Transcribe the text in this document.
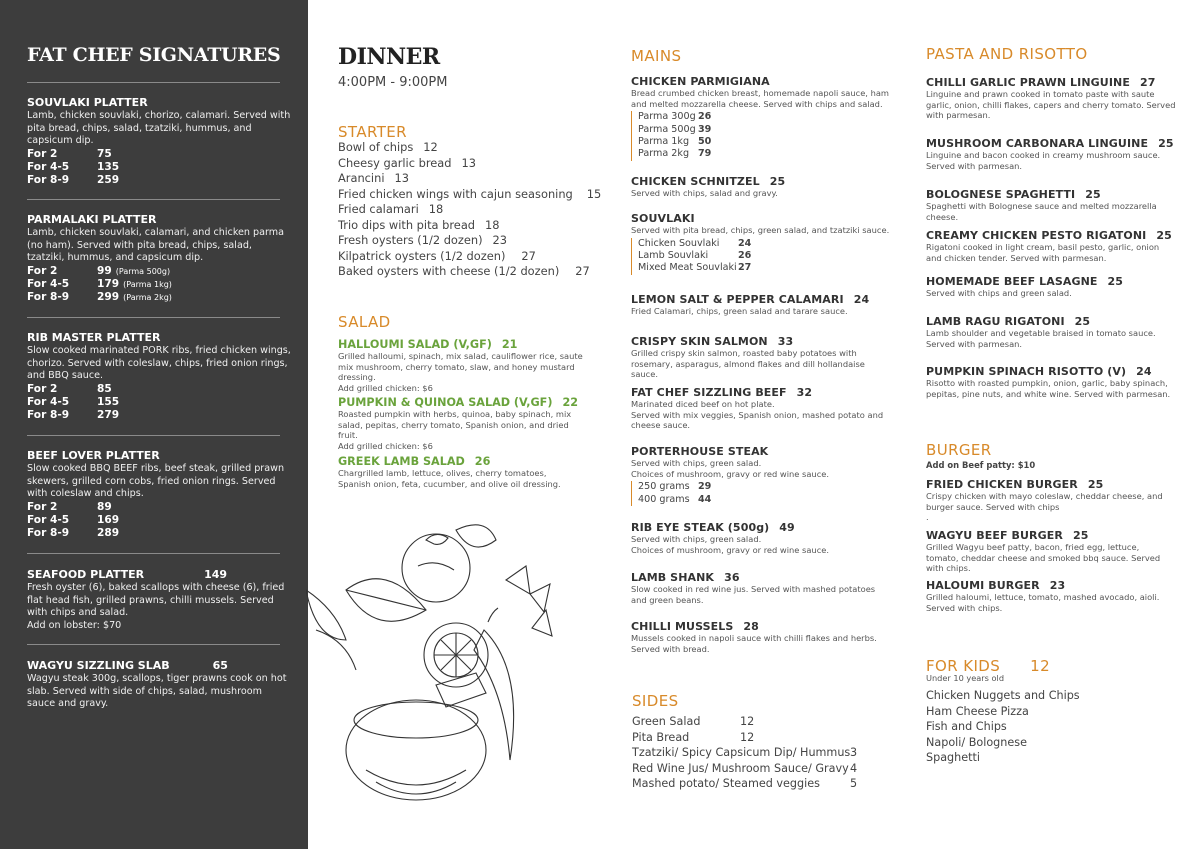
FAT CHEF SIGNATURES
SOUVLAKI PLATTER
Lamb, chicken souvlaki, chorizo, calamari. Served with pita bread, chips, salad, tzatziki, hummus, and capsicum dip.
For 2	75
For 4-5	135
For 8-9	259
PARMALAKI PLATTER
Lamb, chicken souvlaki, calamari, and chicken parma (no ham). Served with pita bread, chips, salad, tzatziki, hummus, and capsicum dip.
For 2	99 (Parma 500g)
For 4-5	179 (Parma 1kg)
For 8-9	299 (Parma 2kg)
RIB MASTER PLATTER
Slow cooked marinated PORK ribs, fried chicken wings, chorizo. Served with coleslaw, chips, fried onion rings, and BBQ sauce.
For 2	85
For 4-5	155
For 8-9	279
BEEF LOVER PLATTER
Slow cooked BBQ BEEF ribs, beef steak, grilled prawn skewers, grilled corn cobs, fried onion rings. Served with coleslaw and chips.
For 2	89
For 4-5	169
For 8-9	289
SEAFOOD PLATTER	149
Fresh oyster (6), baked scallops with cheese (6), fried flat head fish, grilled prawns, chilli mussels. Served with chips and salad.
Add on lobster: $70
WAGYU SIZZLING SLAB	65
Wagyu steak 300g, scallops, tiger prawns cook on hot slab. Served with side of chips, salad, mushroom sauce and gravy.
DINNER
4:00PM - 9:00PM
STARTER
Bowl of chips 12
Cheesy garlic bread 13
Arancini 13
Fried chicken wings with cajun seasoning 15
Fried calamari 18
Trio dips with pita bread 18
Fresh oysters (1/2 dozen) 23
Kilpatrick oysters (1/2 dozen) 27
Baked oysters with cheese (1/2 dozen) 27
SALAD
HALLOUMI SALAD (V,GF) 21
Grilled halloumi, spinach, mix salad, cauliflower rice, saute mix mushroom, cherry tomato, slaw, and honey mustard dressing.
Add grilled chicken: $6
PUMPKIN & QUINOA SALAD (V,GF) 22
Roasted pumpkin with herbs, quinoa, baby spinach, mix salad, pepitas, cherry tomato, Spanish onion, and dried fruit.
Add grilled chicken: $6
GREEK LAMB SALAD 26
Chargrilled lamb, lettuce, olives, cherry tomatoes, Spanish onion, feta, cucumber, and olive oil dressing.
MAINS
CHICKEN PARMIGIANA
Bread crumbed chicken breast, homemade napoli sauce, ham and melted mozzarella cheese. Served with chips and salad.
Parma 300g 26
Parma 500g 39
Parma 1kg 50
Parma 2kg 79
CHICKEN SCHNITZEL 25
Served with chips, salad and gravy.
SOUVLAKI
Served with pita bread, chips, green salad, and tzatziki sauce.
Chicken Souvlaki	24
Lamb Souvlaki	26
Mixed Meat Souvlaki 27
LEMON SALT & PEPPER CALAMARI 24
Fried Calamari, chips, green salad and tarare sauce.
CRISPY SKIN SALMON 33
Grilled crispy skin salmon, roasted baby potatoes with rosemary, asparagus, almond flakes and dill hollandaise sauce.
FAT CHEF SIZZLING BEEF 32
Marinated diced beef on hot plate.
Served with mix veggies, Spanish onion, mashed potato and cheese sauce.
PORTERHOUSE STEAK
Served with chips, green salad.
Choices of mushroom, gravy or red wine sauce.
250 grams 29
400 grams 44
RIB EYE STEAK (500g) 49
Served with chips, green salad.
Choices of mushroom, gravy or red wine sauce.
LAMB SHANK 36
Slow cooked in red wine jus. Served with mashed potatoes and green beans.
CHILLI MUSSELS 28
Mussels cooked in napoli sauce with chilli flakes and herbs. Served with bread.
SIDES
Green Salad	12
Pita Bread	12
Tzatziki/ Spicy Capsicum Dip/ Hummus 3
Red Wine Jus/ Mushroom Sauce/ Gravy 4
Mashed potato/ Steamed veggies	5
PASTA AND RISOTTO
CHILLI GARLIC PRAWN LINGUINE 27
Linguine and prawn cooked in tomato paste with saute garlic, onion, chilli flakes, capers and cherry tomato. Served with parmesan.
MUSHROOM CARBONARA LINGUINE 25
Linguine and bacon cooked in creamy mushroom sauce. Served with parmesan.
BOLOGNESE SPAGHETTI 25
Spaghetti with Bolognese sauce and melted mozzarella cheese.
CREAMY CHICKEN PESTO RIGATONI 25
Rigatoni cooked in light cream, basil pesto, garlic, onion and chicken tender. Served with parmesan.
HOMEMADE BEEF LASAGNE 25
Served with chips and green salad.
LAMB RAGU RIGATONI 25
Lamb shoulder and vegetable braised in tomato sauce. Served with parmesan.
PUMPKIN SPINACH RISOTTO (V) 24
Risotto with roasted pumpkin, onion, garlic, baby spinach, pepitas, pine nuts, and white wine. Served with parmesan.
BURGER
Add on Beef patty: $10
FRIED CHICKEN BURGER 25
Crispy chicken with mayo coleslaw, cheddar cheese, and burger sauce. Served with chips
.
WAGYU BEEF BURGER 25
Grilled Wagyu beef patty, bacon, fried egg, lettuce, tomato, cheddar cheese and smoked bbq sauce. Served with chips.
HALOUMI BURGER 23
Grilled haloumi, lettuce, tomato, mashed avocado, aioli. Served with chips.
FOR KIDS 12
Under 10 years old
Chicken Nuggets and Chips
Ham Cheese Pizza
Fish and Chips
Napoli/ Bolognese
Spaghetti
